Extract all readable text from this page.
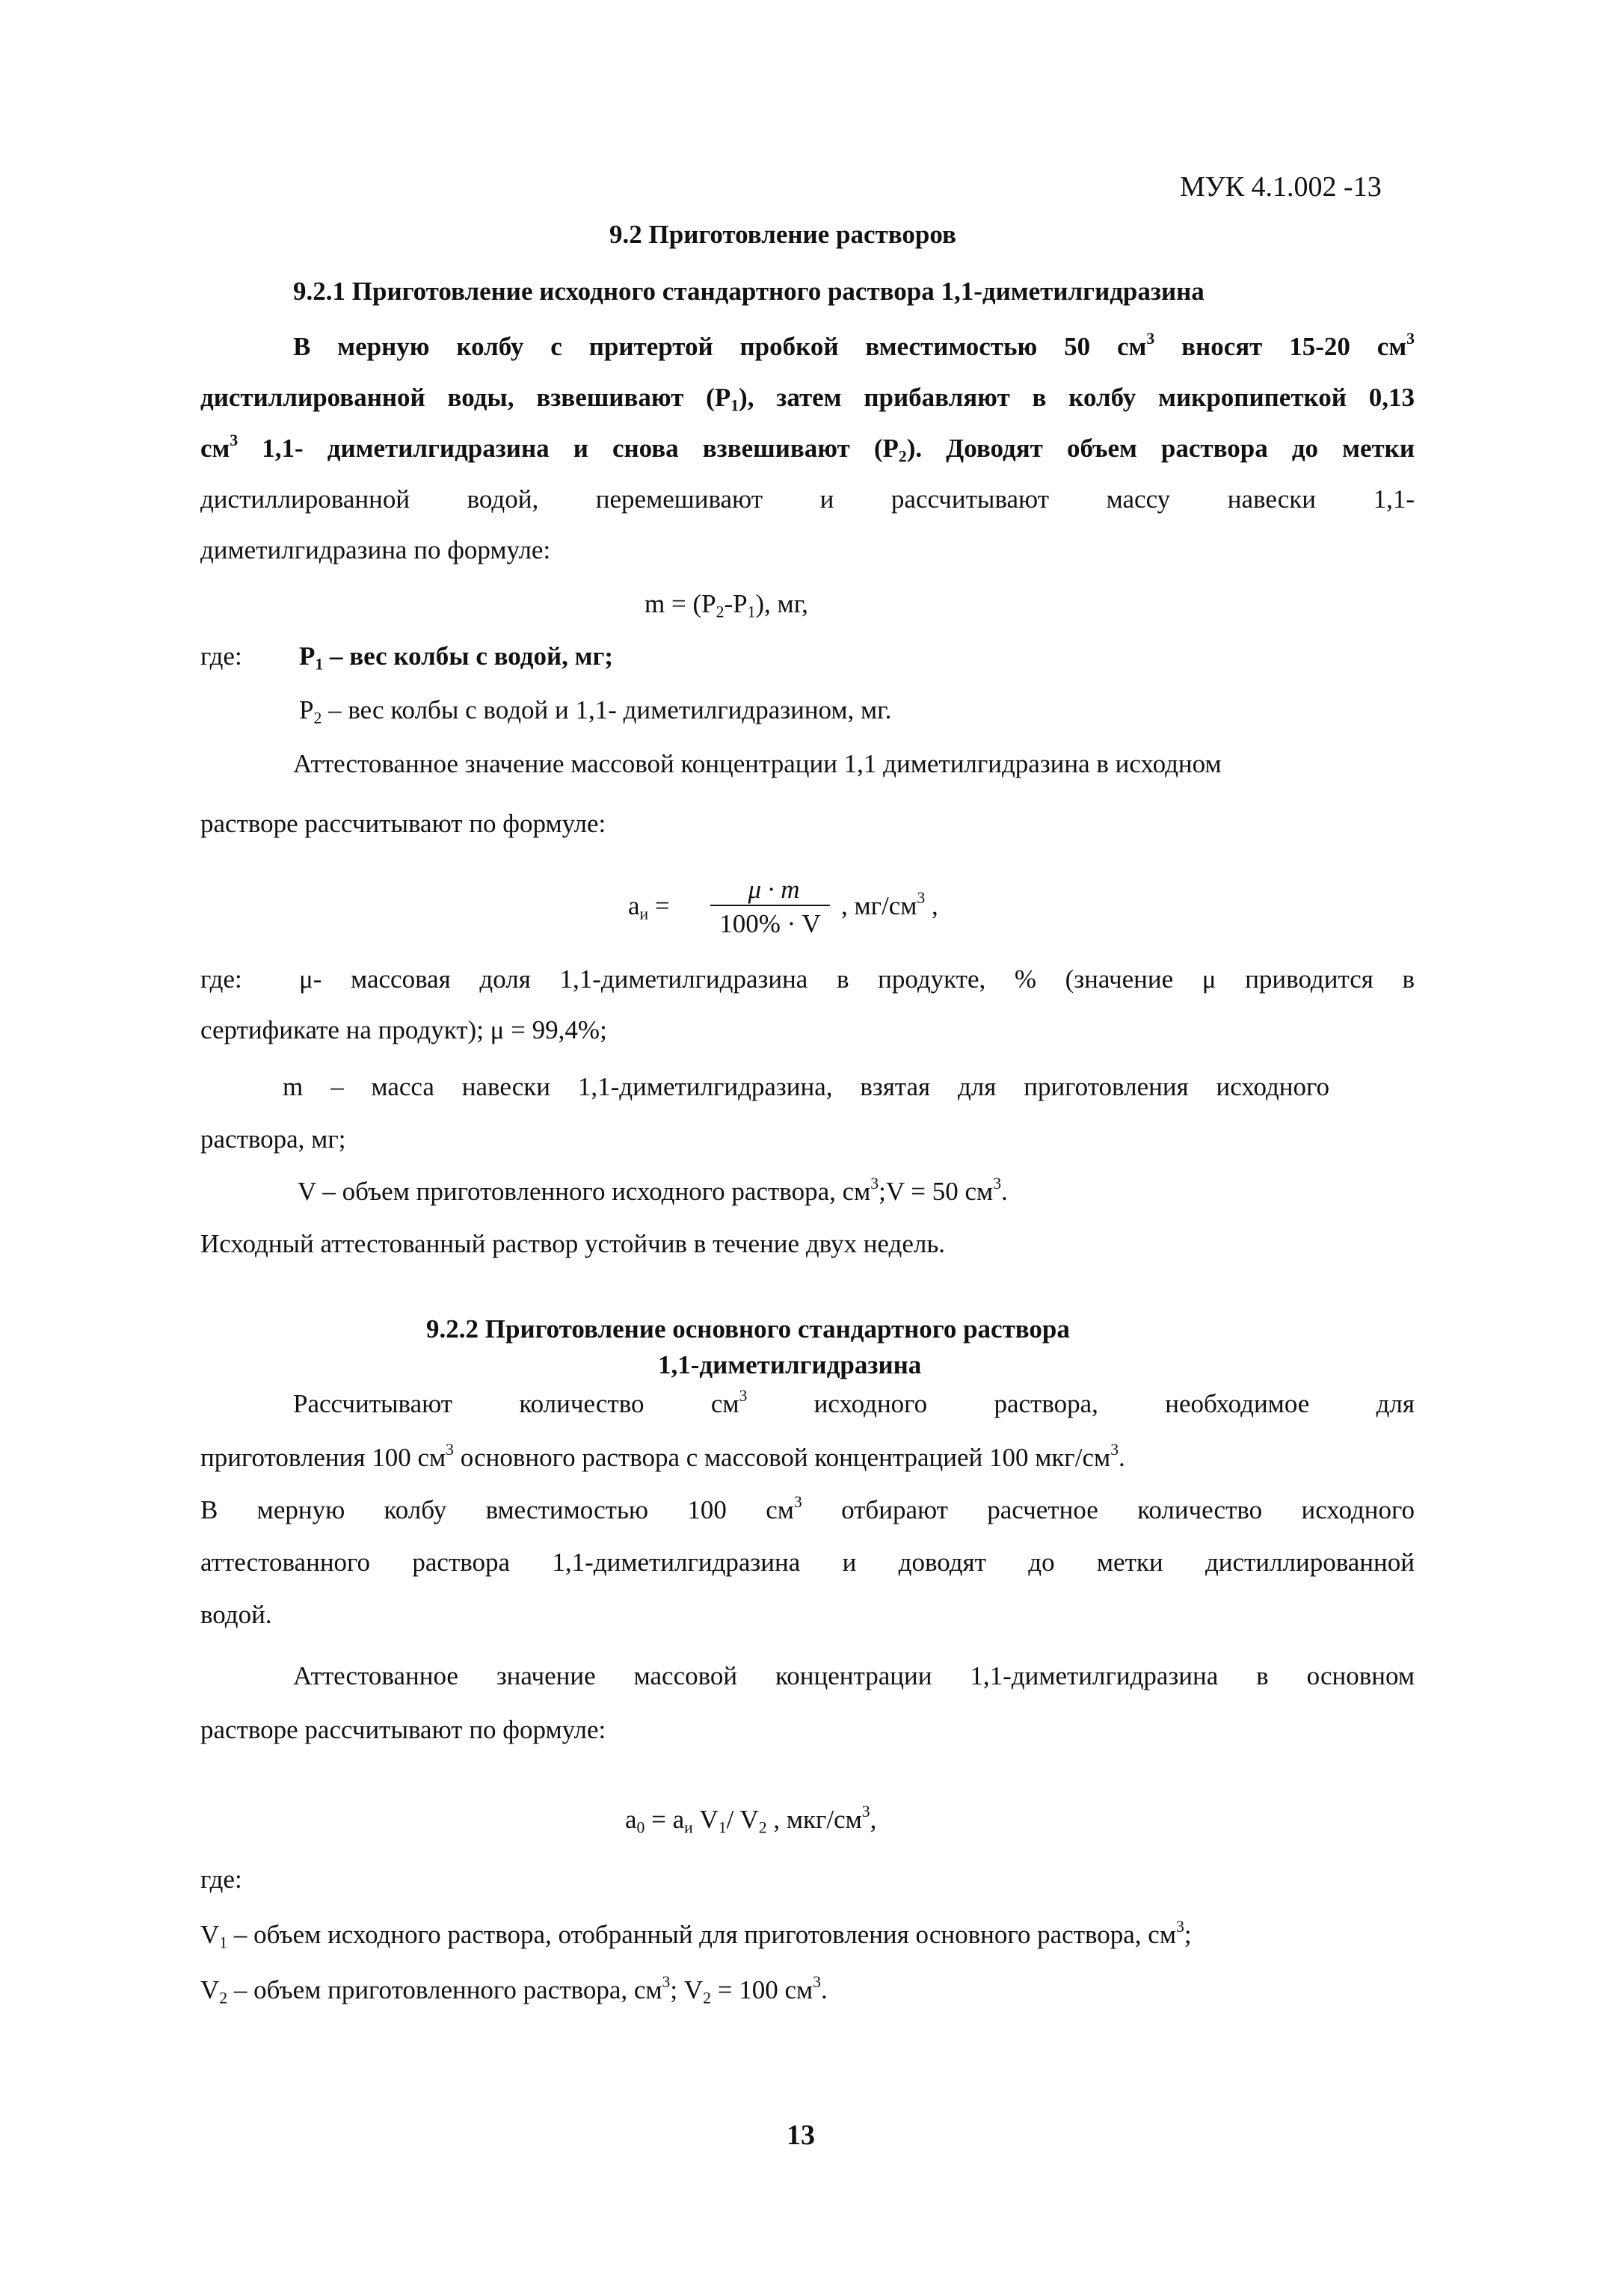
МУК 4.1.002 -13
9.2 Приготовление растворов
9.2.1 Приготовление исходного стандартного раствора 1,1-диметилгидразина
В мерную колбу с притертой пробкой вместимостью 50 $см^3$ вносят 15-20 $см^3$
дистиллированной воды, взвешивают $(P_1)$, затем прибавляют в колбу микропипеткой 0,13
$см^3$ 1,1- диметилгидразина и снова взвешивают $(P_2)$. Доводят объем раствора до метки
дистиллированной водой, перемешивают и рассчитывают массу навески 1,1-
диметилгидразина по формуле:
$m = (P_2-P_1)$, мг,
где: $P_1$ – вес колбы с водой, мг;
$P_2$ – вес колбы с водой и 1,1- диметилгидразином, мг.
Аттестованное значение массовой концентрации 1,1 диметилгидразина в исходном
растворе рассчитывают по формуле:
$a_и$ =
μ · m
100% · V
, $мг/см^3$ ,
где: μ- массовая доля 1,1-диметилгидразина в продукте, % (значение μ приводится в
сертификате на продукт); μ = 99,4%;
m – масса навески 1,1-диметилгидразина, взятая для приготовления исходного
раствора, мг;
V – объем приготовленного исходного раствора, $см^3;V = 50$ $см^3$.
Исходный аттестованный раствор устойчив в течение двух недель.
9.2.2 Приготовление основного стандартного раствора
1,1-диметилгидразина
Рассчитывают количество $см^3$ исходного раствора, необходимое для
приготовления 100 $см^3$ основного раствора с массовой концентрацией 100 мкг/$см^3$.
В мерную колбу вместимостью 100 $см^3$ отбирают расчетное количество исходного
аттестованного раствора 1,1-диметилгидразина и доводят до метки дистиллированной
водой.
Аттестованное значение массовой концентрации 1,1-диметилгидразина в основном
растворе рассчитывают по формуле:
$a_0 = a_и$ $V_1/$ $V_2$ , мкг/$см^3$,
где:
$V_1$ – объем исходного раствора, отобранный для приготовления основного раствора, $см^3$;
$V_2$ – объем приготовленного раствора, $см^3$; $V_2 = 100$ $см^3$.
13
